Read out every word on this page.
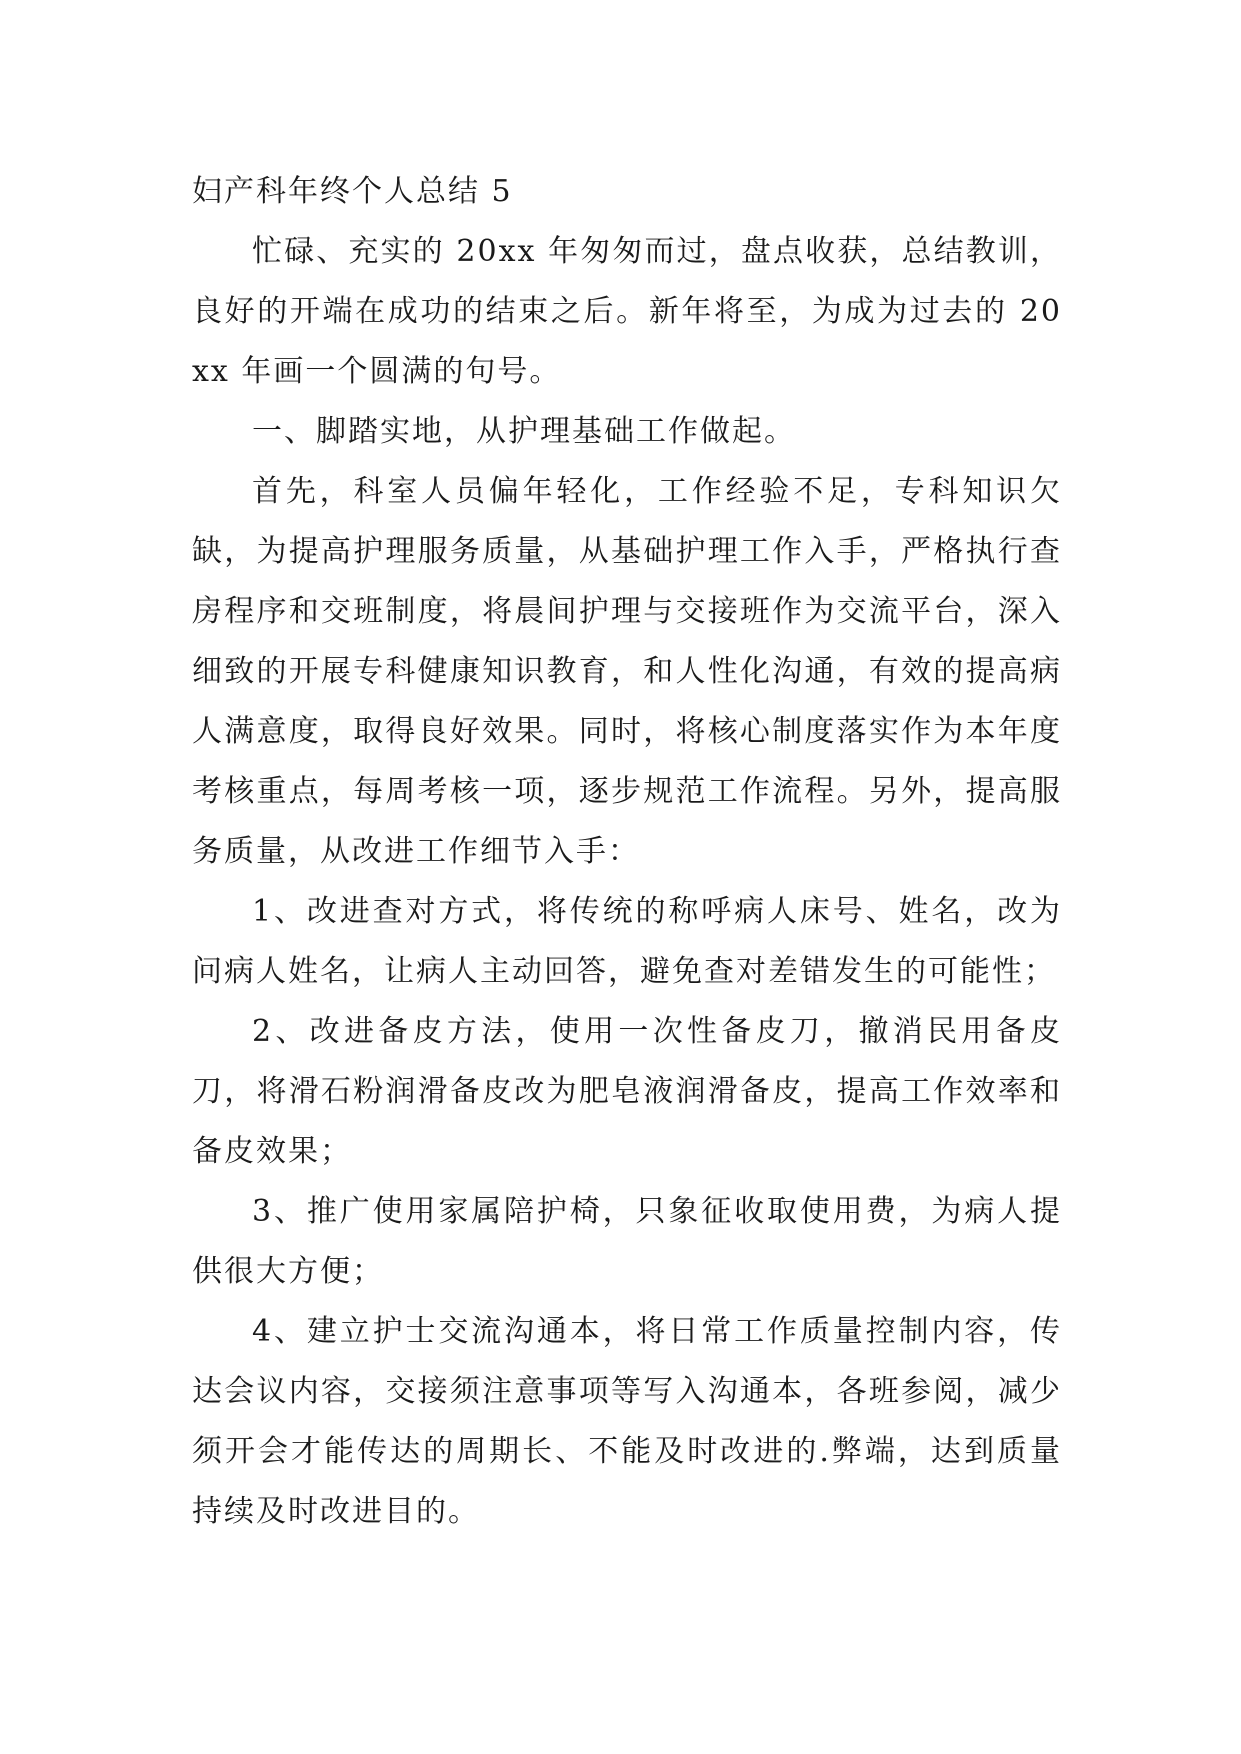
妇产科年终个人总结 5

忙碌、充实的 20xx 年匆匆而过，盘点收获，总结教训，良好的开端在成功的结束之后。新年将至，为成为过去的 20xx 年画一个圆满的句号。

一、脚踏实地，从护理基础工作做起。

首先，科室人员偏年轻化，工作经验不足，专科知识欠缺，为提高护理服务质量，从基础护理工作入手，严格执行查房程序和交班制度，将晨间护理与交接班作为交流平台，深入细致的开展专科健康知识教育，和人性化沟通，有效的提高病人满意度，取得良好效果。同时，将核心制度落实作为本年度考核重点，每周考核一项，逐步规范工作流程。另外，提高服务质量，从改进工作细节入手：

1、改进查对方式，将传统的称呼病人床号、姓名，改为问病人姓名，让病人主动回答，避免查对差错发生的可能性；

2、改进备皮方法，使用一次性备皮刀，撤消民用备皮刀，将滑石粉润滑备皮改为肥皂液润滑备皮，提高工作效率和备皮效果；

3、推广使用家属陪护椅，只象征收取使用费，为病人提供很大方便；

4、建立护士交流沟通本，将日常工作质量控制内容，传达会议内容，交接须注意事项等写入沟通本，各班参阅，减少须开会才能传达的周期长、不能及时改进的.弊端，达到质量持续及时改进目的。
